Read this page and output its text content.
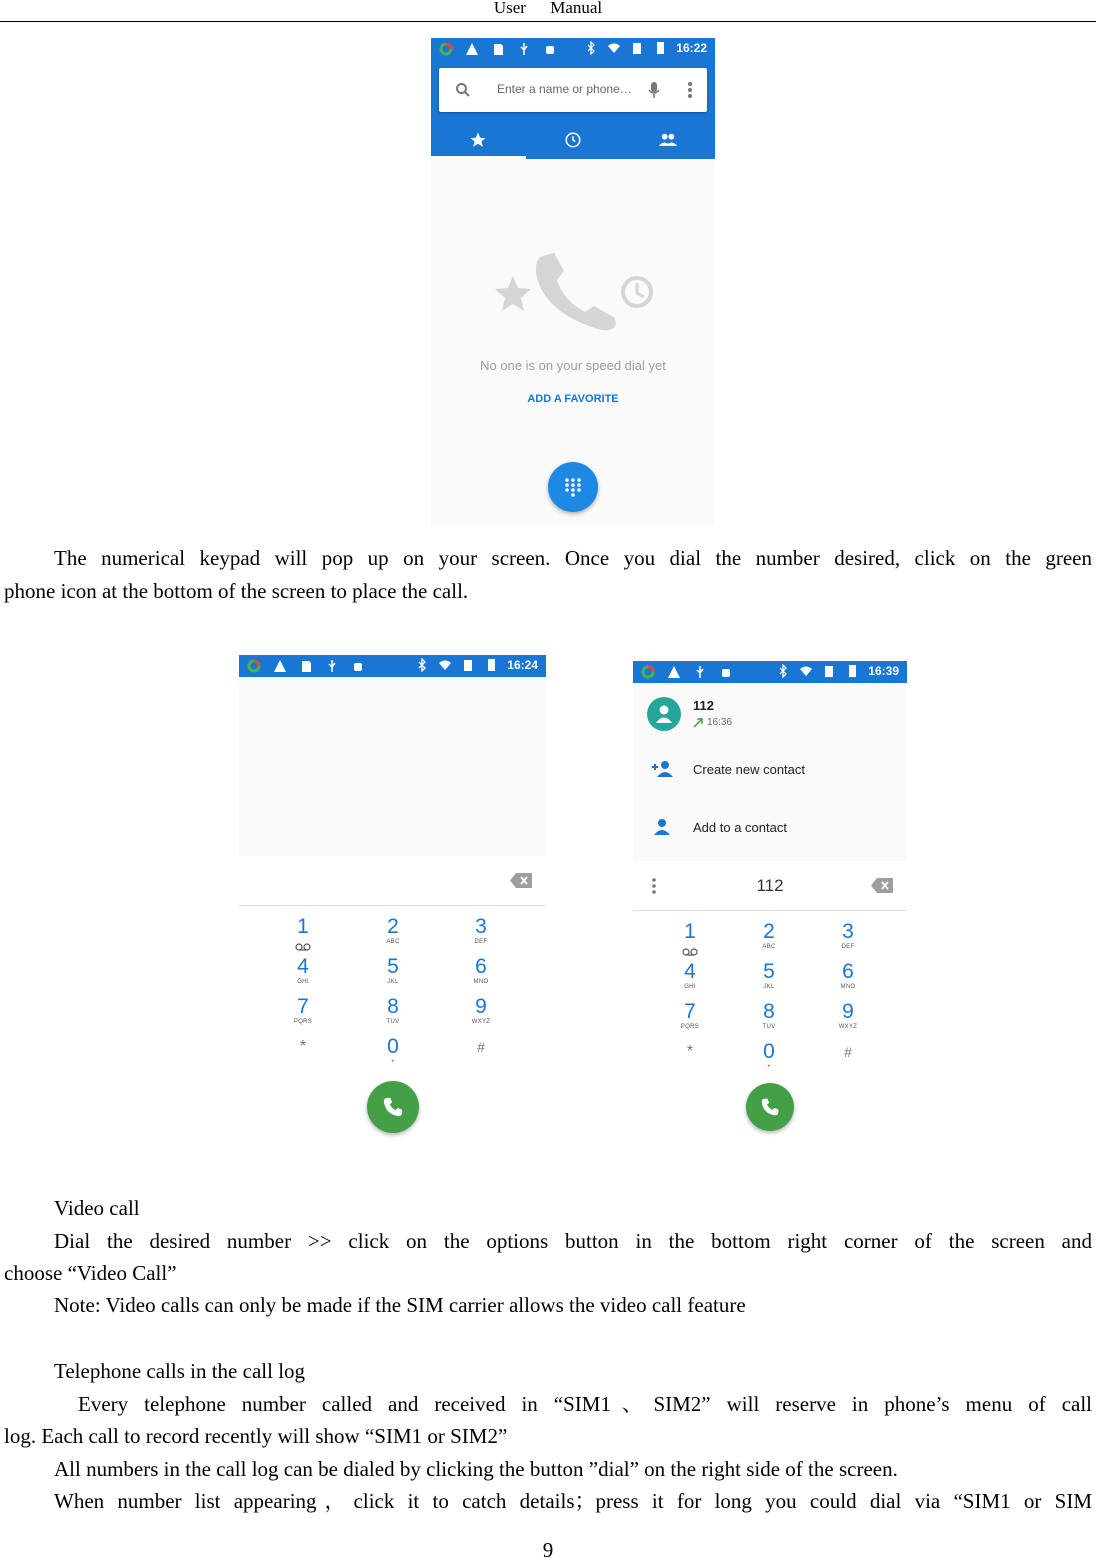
User Manual
16:22
Enter a name or phone…
No one is on your speed dial yet
ADD A FAVORITE
The numerical keypad will pop up on your screen. Once you dial the number desired, click on the green
phone icon at the bottom of the screen to place the call.
16:24
1	2
ABC
3
DEF
4
GHI
5
JKL
6
MNO
7
PQRS
8
TUV
9
WXYZ
*	0
+
#
16:39
112
16:36
Create new contact
Add to a contact
112
1	2
ABC
3
DEF
4
GHI
5
JKL
6
MNO
7
PQRS
8
TUV
9
WXYZ
*	0
+
#
Video call
Dial the desired number >> click on the options button in the bottom right corner of the screen and
choose “Video Call”
Note: Video calls can only be made if the SIM carrier allows the video call feature
Telephone calls in the call log
Every telephone number called and received in “SIM1、SIM2” will reserve in phone’s menu of call
log. Each call to record recently will show “SIM1 or SIM2”
All numbers in the call log can be dialed by clicking the button ”dial” on the right side of the screen.
When number list appearing，click it to catch details；press it for long you could dial via “SIM1 or SIM
9
